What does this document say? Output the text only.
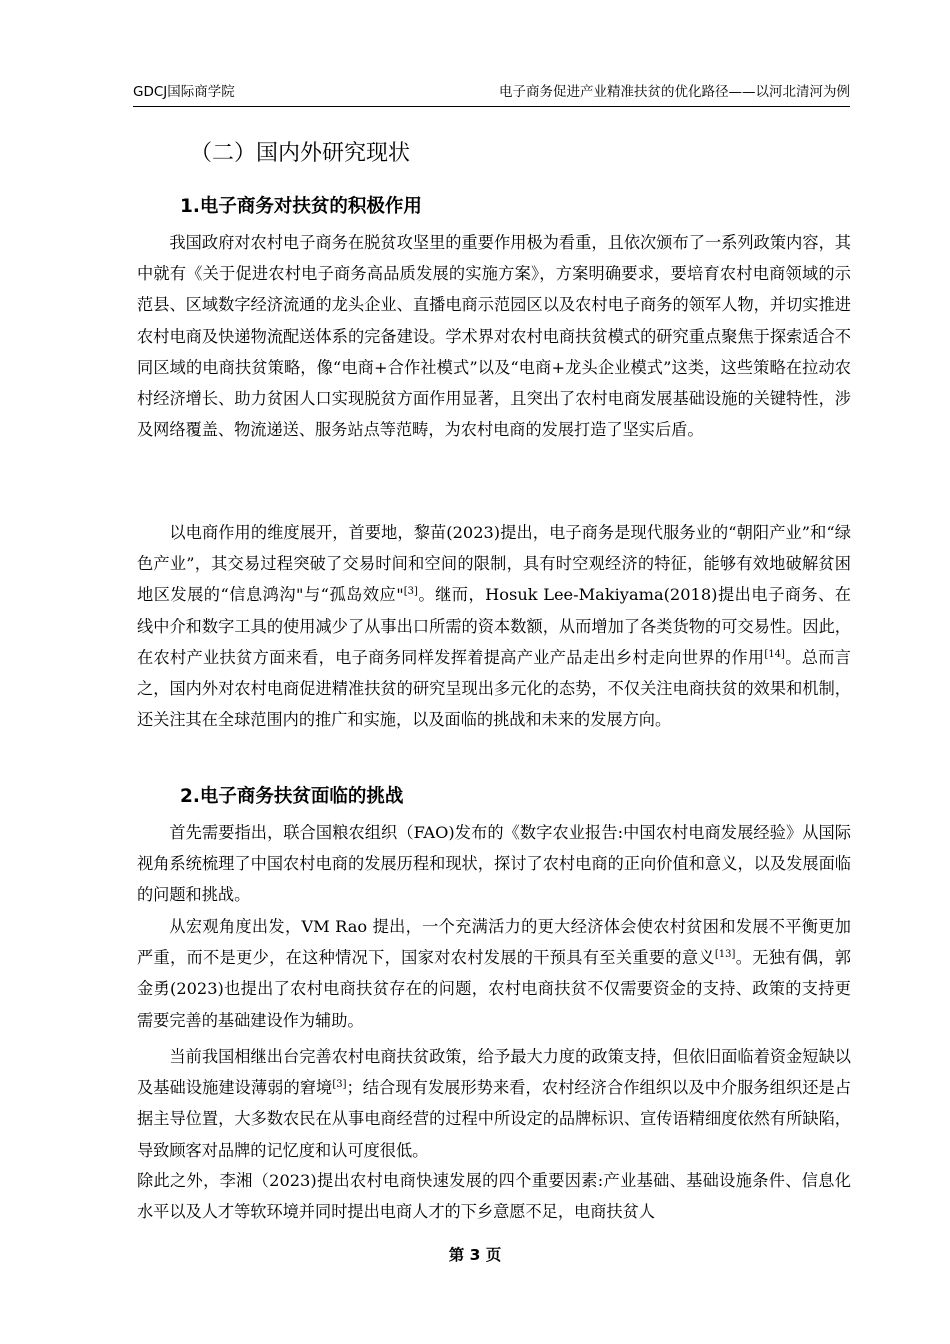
GDCJ国际商学院	电子商务促进产业精准扶贫的优化路径——以河北清河为例
（二）国内外研究现状
1.电子商务对扶贫的积极作用
我国政府对农村电子商务在脱贫攻坚里的重要作用极为看重，且依次颁布了一系列政策内容，其中就有《关于促进农村电子商务高品质发展的实施方案》，方案明确要求，要培育农村电商领域的示范县、区域数字经济流通的龙头企业、直播电商示范园区以及农村电子商务的领军人物，并切实推进农村电商及快递物流配送体系的完备建设。学术界对农村电商扶贫模式的研究重点聚焦于探索适合不同区域的电商扶贫策略，像“电商+合作社模式”以及“电商+龙头企业模式”这类，这些策略在拉动农村经济增长、助力贫困人口实现脱贫方面作用显著，且突出了农村电商发展基础设施的关键特性，涉及网络覆盖、物流递送、服务站点等范畴，为农村电商的发展打造了坚实后盾。
以电商作用的维度展开，首要地，黎苗(2023)提出，电子商务是现代服务业的“朝阳产业”和“绿色产业”，其交易过程突破了交易时间和空间的限制，具有时空观经济的特征，能够有效地破解贫困地区发展的“信息鸿沟"与“孤岛效应"[3]。继而，Hosuk Lee-Makiyama(2018)提出电子商务、在线中介和数字工具的使用减少了从事出口所需的资本数额，从而增加了各类货物的可交易性。因此，在农村产业扶贫方面来看，电子商务同样发挥着提高产业产品走出乡村走向世界的作用[14]。总而言之，国内外对农村电商促进精准扶贫的研究呈现出多元化的态势，不仅关注电商扶贫的效果和机制，还关注其在全球范围内的推广和实施，以及面临的挑战和未来的发展方向。
2.电子商务扶贫面临的挑战
首先需要指出，联合国粮农组织（FAO)发布的《数字农业报告:中国农村电商发展经验》从国际视角系统梳理了中国农村电商的发展历程和现状，探讨了农村电商的正向价值和意义，以及发展面临的问题和挑战。
从宏观角度出发，VM Rao 提出，一个充满活力的更大经济体会使农村贫困和发展不平衡更加严重，而不是更少，在这种情况下，国家对农村发展的干预具有至关重要的意义[13]。无独有偶，郭金勇(2023)也提出了农村电商扶贫存在的问题，农村电商扶贫不仅需要资金的支持、政策的支持更需要完善的基础建设作为辅助。
当前我国相继出台完善农村电商扶贫政策，给予最大力度的政策支持，但依旧面临着资金短缺以及基础设施建设薄弱的窘境[3]；结合现有发展形势来看，农村经济合作组织以及中介服务组织还是占据主导位置，大多数农民在从事电商经营的过程中所设定的品牌标识、宣传语精细度依然有所缺陷，导致顾客对品牌的记忆度和认可度很低。
除此之外，李湘（2023)提出农村电商快速发展的四个重要因素:产业基础、基础设施条件、信息化水平以及人才等软环境并同时提出电商人才的下乡意愿不足，电商扶贫人
第 3 页
